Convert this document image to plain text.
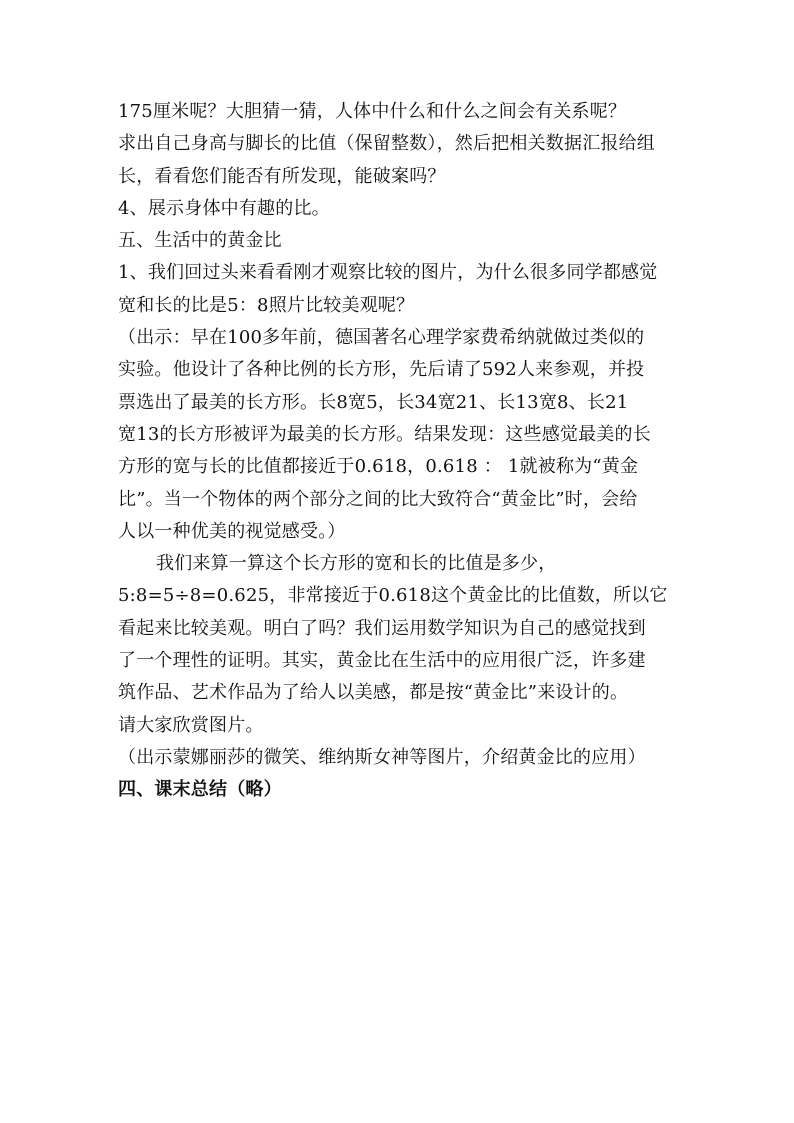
175厘米呢？大胆猜一猜，人体中什么和什么之间会有关系呢？
求出自己身高与脚长的比值（保留整数），然后把相关数据汇报给组
长，看看您们能否有所发现，能破案吗？
4、展示身体中有趣的比。
五、生活中的黄金比
1、我们回过头来看看刚才观察比较的图片，为什么很多同学都感觉
宽和长的比是5：8照片比较美观呢？
（出示：早在100多年前，德国著名心理学家费希纳就做过类似的
实验。他设计了各种比例的长方形，先后请了592人来参观，并投
票选出了最美的长方形。长8宽5，长34宽21、长13宽8、长21
宽13的长方形被评为最美的长方形。结果发现：这些感觉最美的长
方形的宽与长的比值都接近于0.618，0.618 ： 1就被称为“黄金
比”。当一个物体的两个部分之间的比大致符合“黄金比”时，会给
人以一种优美的视觉感受。）
我们来算一算这个长方形的宽和长的比值是多少，
5:8=5÷8=0.625，非常接近于0.618这个黄金比的比值数，所以它
看起来比较美观。明白了吗？我们运用数学知识为自己的感觉找到
了一个理性的证明。其实，黄金比在生活中的应用很广泛，许多建
筑作品、艺术作品为了给人以美感，都是按“黄金比”来设计的。
请大家欣赏图片。
（出示蒙娜丽莎的微笑、维纳斯女神等图片，介绍黄金比的应用）
四、课末总结（略）
